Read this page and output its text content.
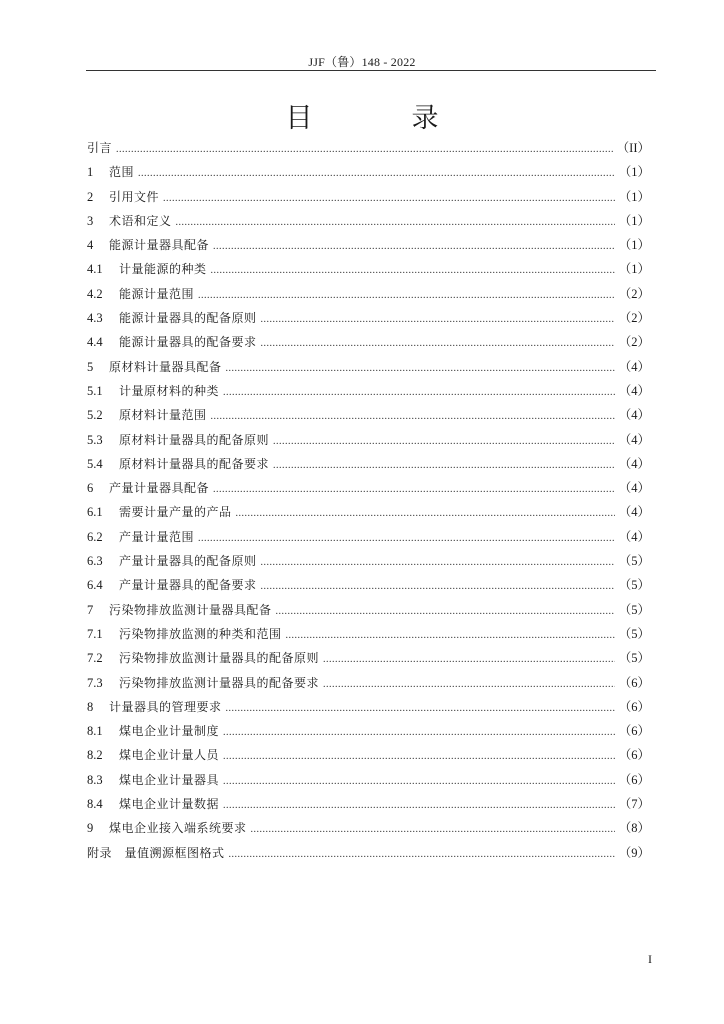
JJF（鲁）148 - 2022
目　录
引言 .....	（II）
1	范围 .....	（1）
2	引用文件 .....	（1）
3	术语和定义 .....	（1）
4	能源计量器具配备 .....	（1）
4.1	计量能源的种类 .....	（1）
4.2	能源计量范围 .....	（2）
4.3	能源计量器具的配备原则 .....	（2）
4.4	能源计量器具的配备要求 .....	（2）
5	原材料计量器具配备 .....	（4）
5.1	计量原材料的种类 .....	（4）
5.2	原材料计量范围 .....	（4）
5.3	原材料计量器具的配备原则 .....	（4）
5.4	原材料计量器具的配备要求 .....	（4）
6	产量计量器具配备 .....	（4）
6.1	需要计量产量的产品 .....	（4）
6.2	产量计量范围 .....	（4）
6.3	产量计量器具的配备原则 .....	（5）
6.4	产量计量器具的配备要求 .....	（5）
7	污染物排放监测计量器具配备 .....	（5）
7.1	污染物排放监测的种类和范围 .....	（5）
7.2	污染物排放监测计量器具的配备原则 .....	（5）
7.3	污染物排放监测计量器具的配备要求 .....	（6）
8	计量器具的管理要求 .....	（6）
8.1	煤电企业计量制度 .....	（6）
8.2	煤电企业计量人员 .....	（6）
8.3	煤电企业计量器具 .....	（6）
8.4	煤电企业计量数据 .....	（7）
9	煤电企业接入端系统要求 .....	（8）
附录　量值溯源框图格式 .....	（9）
I
